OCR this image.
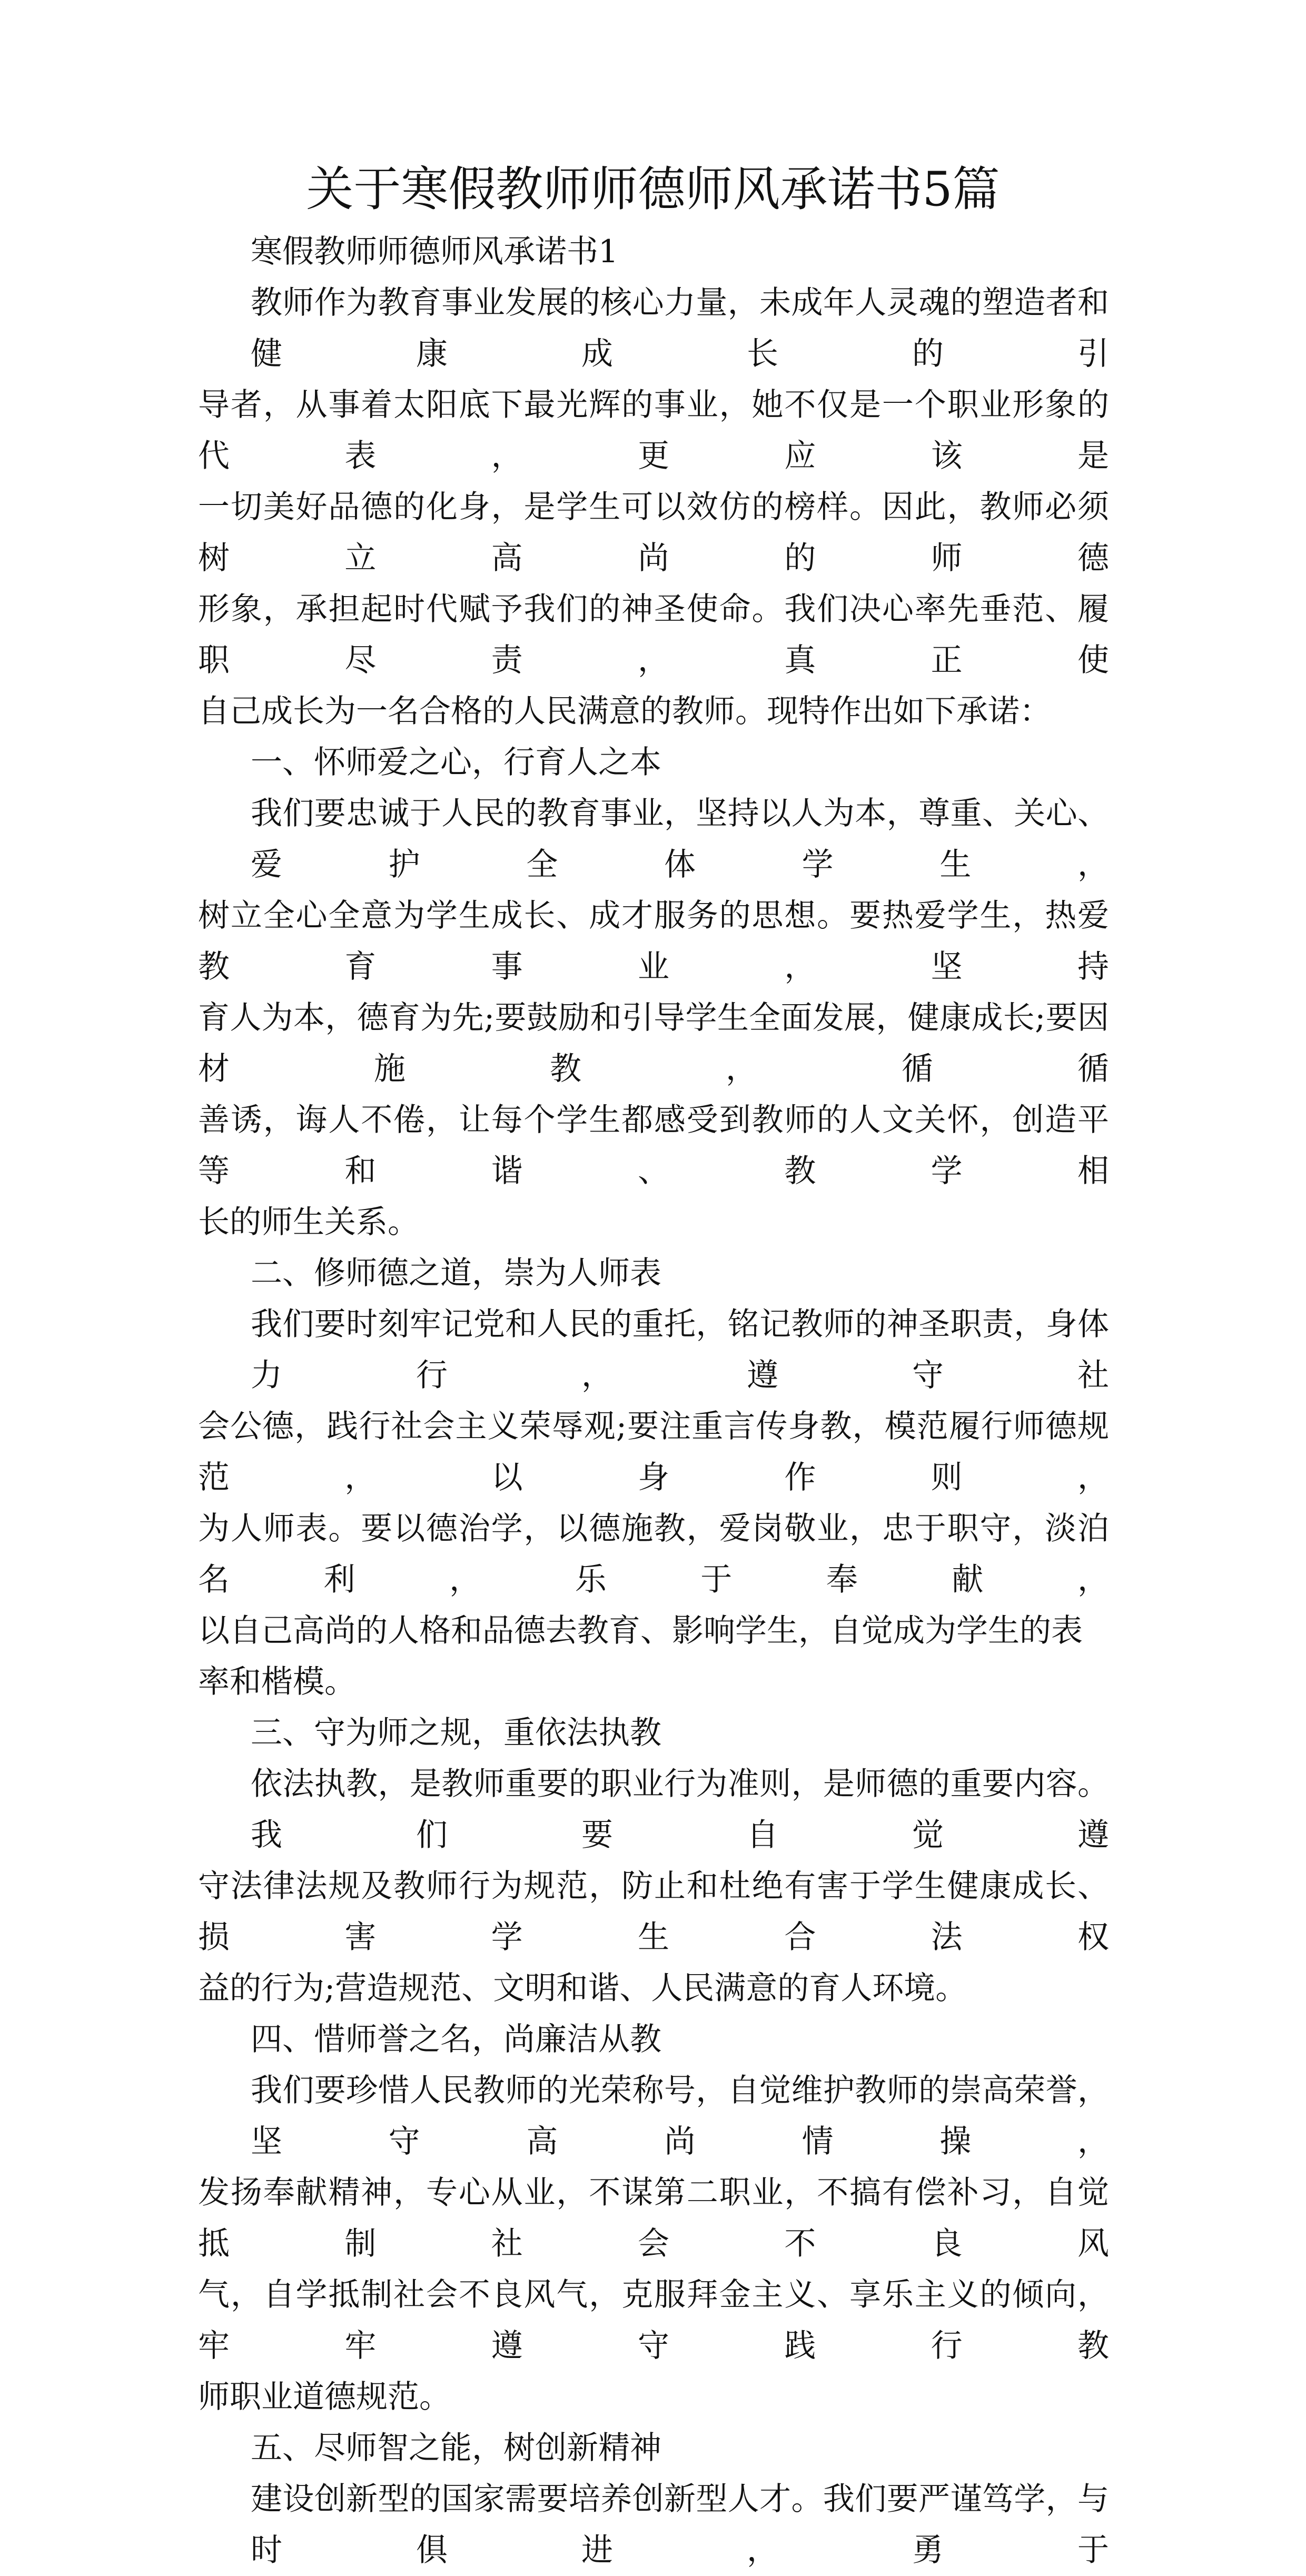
关于寒假教师师德师风承诺书5篇
寒假教师师德师风承诺书1
教师作为教育事业发展的核心力量，未成年人灵魂的塑造者和健康成长的引
导者，从事着太阳底下最光辉的事业，她不仅是一个职业形象的代表，更应该是
一切美好品德的化身，是学生可以效仿的榜样。因此，教师必须树立高尚的师德
形象，承担起时代赋予我们的神圣使命。我们决心率先垂范、履职尽责，真正使
自己成长为一名合格的人民满意的教师。现特作出如下承诺：
一、怀师爱之心，行育人之本
我们要忠诚于人民的教育事业，坚持以人为本，尊重、关心、爱护全体学生，
树立全心全意为学生成长、成才服务的思想。要热爱学生，热爱教育事业，坚持
育人为本，德育为先;要鼓励和引导学生全面发展，健康成长;要因材施教，循循
善诱，诲人不倦，让每个学生都感受到教师的人文关怀，创造平等和谐、教学相
长的师生关系。
二、修师德之道，崇为人师表
我们要时刻牢记党和人民的重托，铭记教师的神圣职责，身体力行，遵守社
会公德，践行社会主义荣辱观;要注重言传身教，模范履行师德规范，以身作则，
为人师表。要以德治学，以德施教，爱岗敬业，忠于职守，淡泊名利，乐于奉献，
以自己高尚的人格和品德去教育、影响学生，自觉成为学生的表率和楷模。
三、守为师之规，重依法执教
依法执教，是教师重要的职业行为准则，是师德的重要内容。我们要自觉遵
守法律法规及教师行为规范，防止和杜绝有害于学生健康成长、损害学生合法权
益的行为;营造规范、文明和谐、人民满意的育人环境。
四、惜师誉之名，尚廉洁从教
我们要珍惜人民教师的光荣称号，自觉维护教师的崇高荣誉，坚守高尚情操，
发扬奉献精神，专心从业，不谋第二职业，不搞有偿补习，自觉抵制社会不良风
气，自学抵制社会不良风气，克服拜金主义、享乐主义的倾向，牢牢遵守践行教
师职业道德规范。
五、尽师智之能，树创新精神
建设创新型的国家需要培养创新型人才。我们要严谨笃学，与时俱进，勇于
